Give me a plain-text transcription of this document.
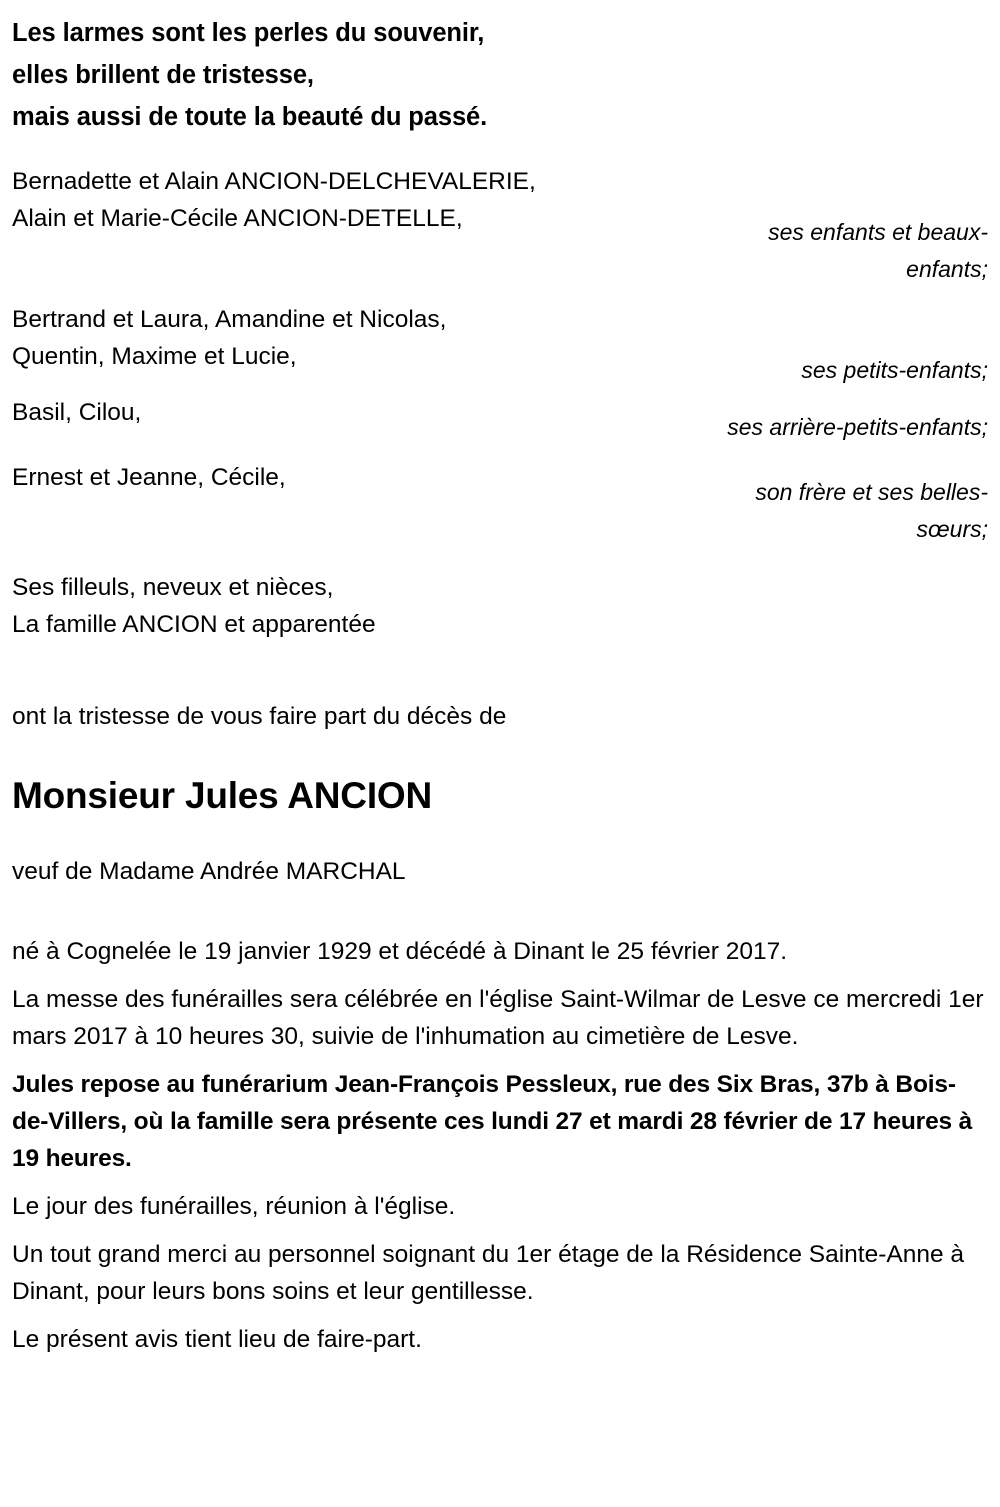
Les larmes sont les perles du souvenir,
elles brillent de tristesse,
mais aussi de toute la beauté du passé.
Bernadette et Alain ANCION-DELCHEVALERIE,
Alain et Marie-Cécile ANCION-DETELLE,
ses enfants et beaux-enfants;
Bertrand et Laura, Amandine et Nicolas,
Quentin, Maxime et Lucie,
ses petits-enfants;
Basil, Cilou,
ses arrière-petits-enfants;
Ernest et Jeanne, Cécile,
son frère et ses belles-sœurs;
Ses filleuls, neveux et nièces,
La famille ANCION et apparentée
ont la tristesse de vous faire part du décès de
Monsieur Jules ANCION
veuf de Madame Andrée MARCHAL

né à Cognelée le 19 janvier 1929 et décédé à Dinant le 25 février 2017.

La messe des funérailles sera célébrée en l'église Saint-Wilmar de Lesve ce mercredi 1er mars 2017 à 10 heures 30, suivie de l'inhumation au cimetière de Lesve.

Jules repose au funérarium Jean-François Pessleux, rue des Six Bras, 37b à Bois-de-Villers, où la famille sera présente ces lundi 27 et mardi 28 février de 17 heures à 19 heures.

Le jour des funérailles, réunion à l'église.

Un tout grand merci au personnel soignant du 1er étage de la Résidence Sainte-Anne à Dinant, pour leurs bons soins et leur gentillesse.

Le présent avis tient lieu de faire-part.
